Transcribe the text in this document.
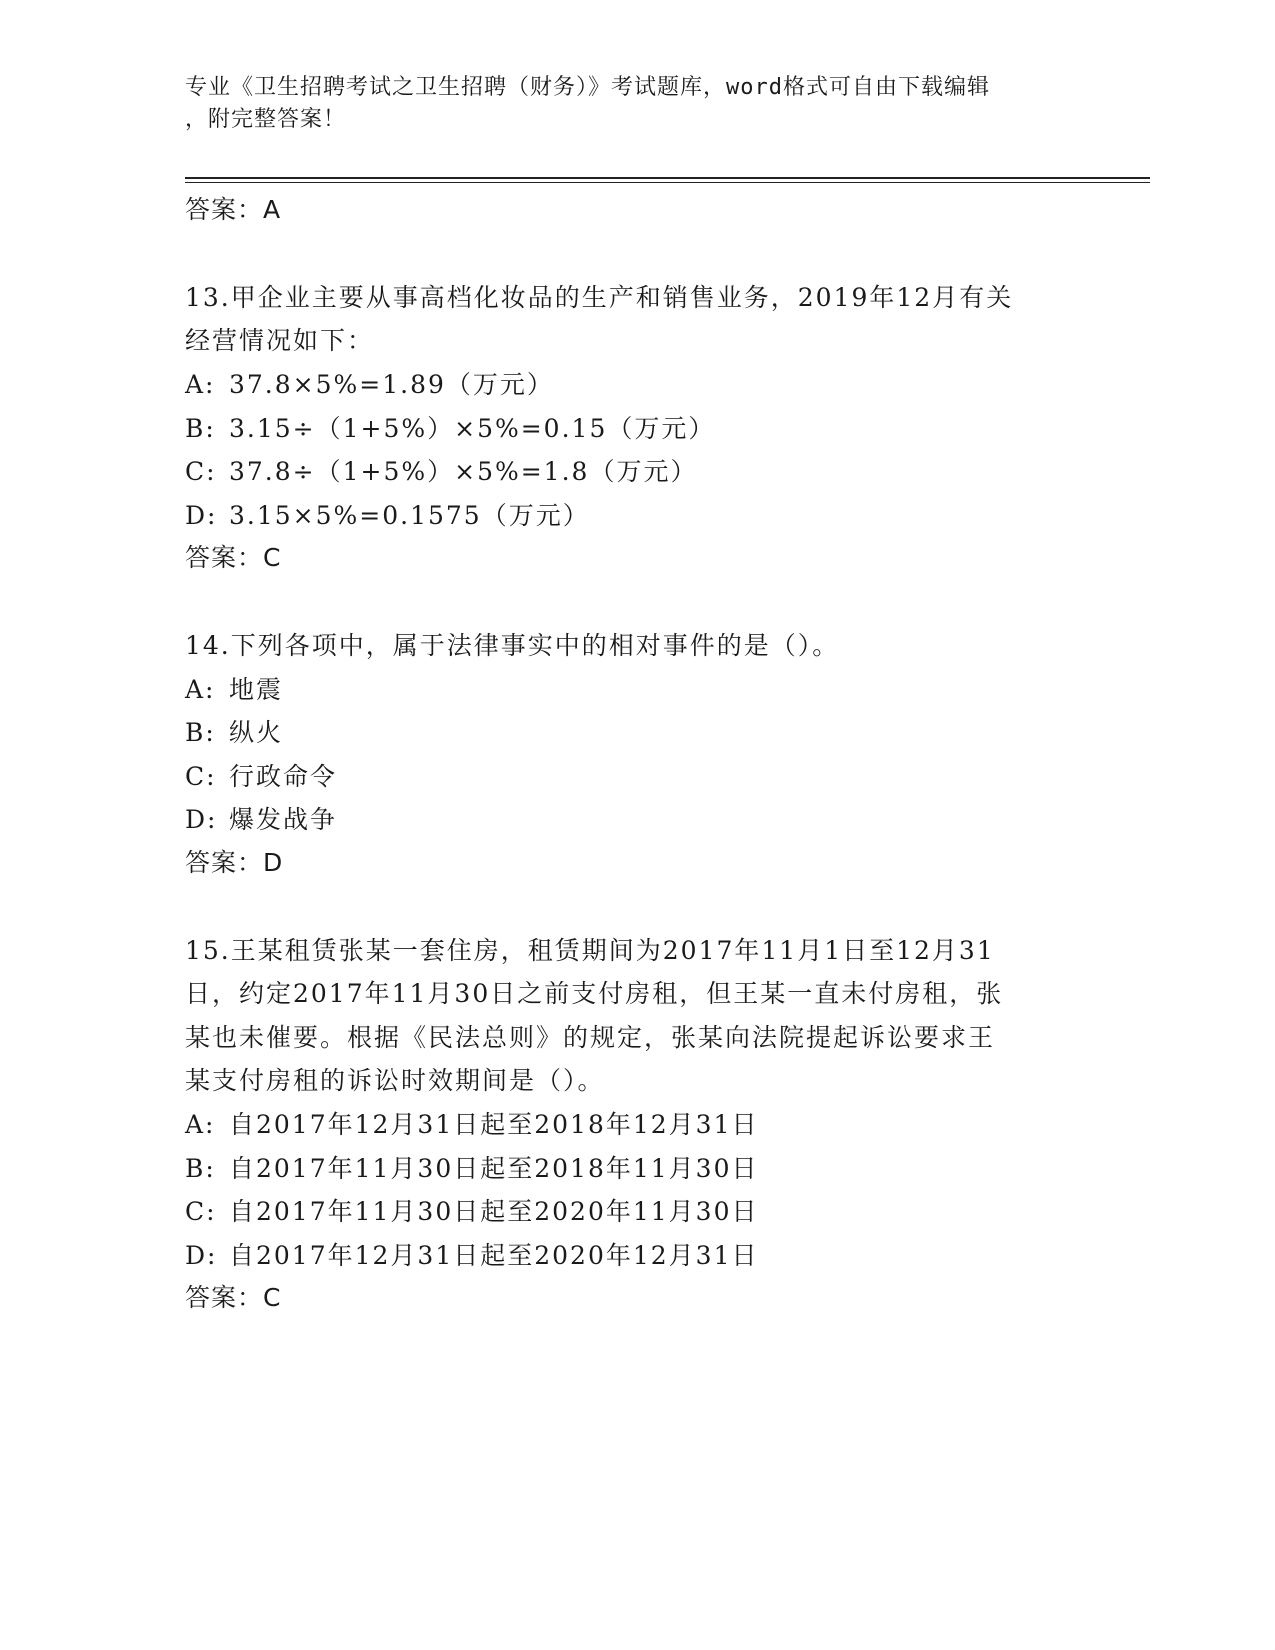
专业《卫生招聘考试之卫生招聘（财务）》考试题库，word格式可自由下载编辑
，附完整答案！
答案：A
13.甲企业主要从事高档化妆品的生产和销售业务，2019年12月有关
经营情况如下：
A: 37.8×5%=1.89（万元）
B: 3.15÷（1+5%）×5%=0.15（万元）
C: 37.8÷（1+5%）×5%=1.8（万元）
D: 3.15×5%=0.1575（万元）
答案：C
14.下列各项中，属于法律事实中的相对事件的是（）。
A: 地震
B: 纵火
C: 行政命令
D: 爆发战争
答案：D
15.王某租赁张某一套住房，租赁期间为2017年11月1日至12月31
日，约定2017年11月30日之前支付房租，但王某一直未付房租，张
某也未催要。根据《民法总则》的规定，张某向法院提起诉讼要求王
某支付房租的诉讼时效期间是（）。
A: 自2017年12月31日起至2018年12月31日
B: 自2017年11月30日起至2018年11月30日
C: 自2017年11月30日起至2020年11月30日
D: 自2017年12月31日起至2020年12月31日
答案：C
